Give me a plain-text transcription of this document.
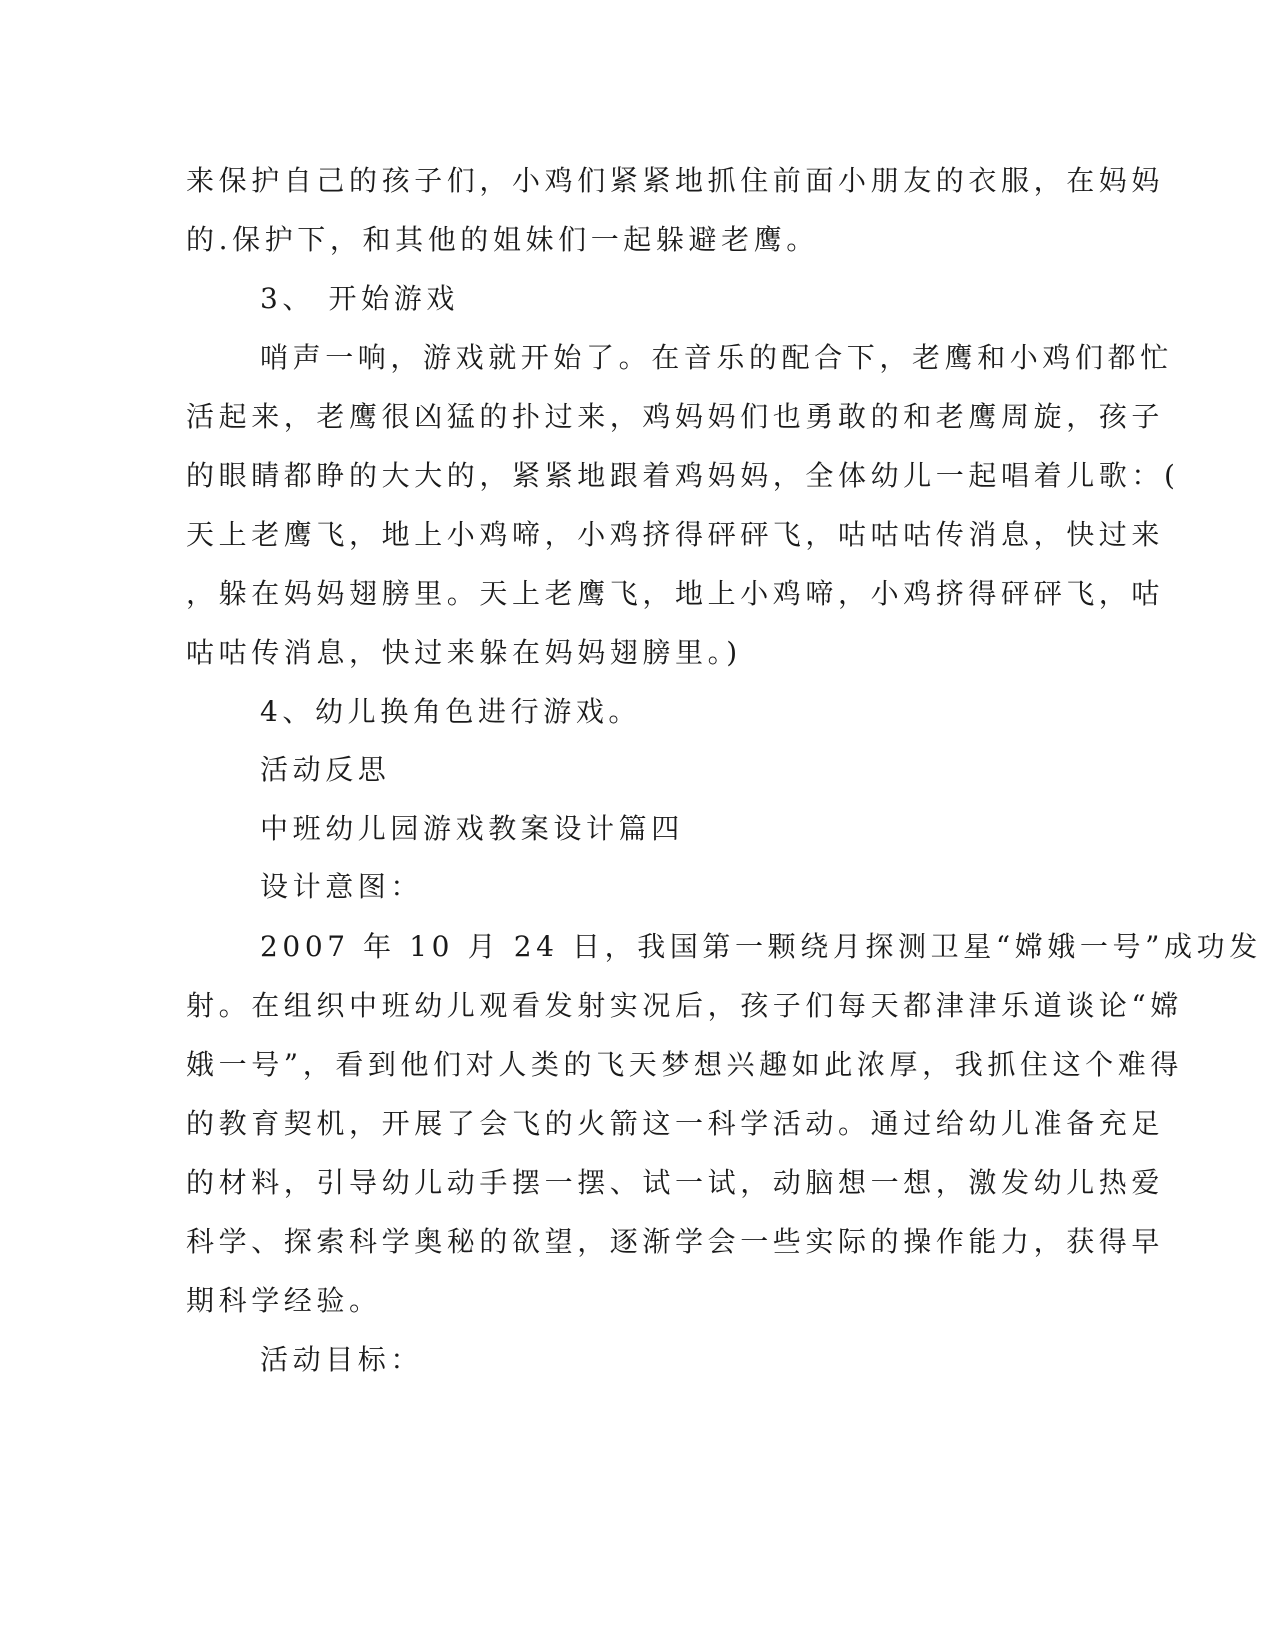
来保护自己的孩子们，小鸡们紧紧地抓住前面小朋友的衣服，在妈妈
的.保护下，和其他的姐妹们一起躲避老鹰。
3、 开始游戏
哨声一响，游戏就开始了。在音乐的配合下，老鹰和小鸡们都忙
活起来，老鹰很凶猛的扑过来，鸡妈妈们也勇敢的和老鹰周旋，孩子
的眼睛都睁的大大的，紧紧地跟着鸡妈妈，全体幼儿一起唱着儿歌：(
天上老鹰飞，地上小鸡啼，小鸡挤得砰砰飞，咕咕咕传消息，快过来
，躲在妈妈翅膀里。天上老鹰飞，地上小鸡啼，小鸡挤得砰砰飞，咕
咕咕传消息，快过来躲在妈妈翅膀里。)
4、幼儿换角色进行游戏。
活动反思
中班幼儿园游戏教案设计篇四
设计意图：
2007 年 10 月 24 日，我国第一颗绕月探测卫星“嫦娥一号”成功发
射。在组织中班幼儿观看发射实况后，孩子们每天都津津乐道谈论“嫦
娥一号”，看到他们对人类的飞天梦想兴趣如此浓厚，我抓住这个难得
的教育契机，开展了会飞的火箭这一科学活动。通过给幼儿准备充足
的材料，引导幼儿动手摆一摆、试一试，动脑想一想，激发幼儿热爱
科学、探索科学奥秘的欲望，逐渐学会一些实际的操作能力，获得早
期科学经验。
活动目标：
